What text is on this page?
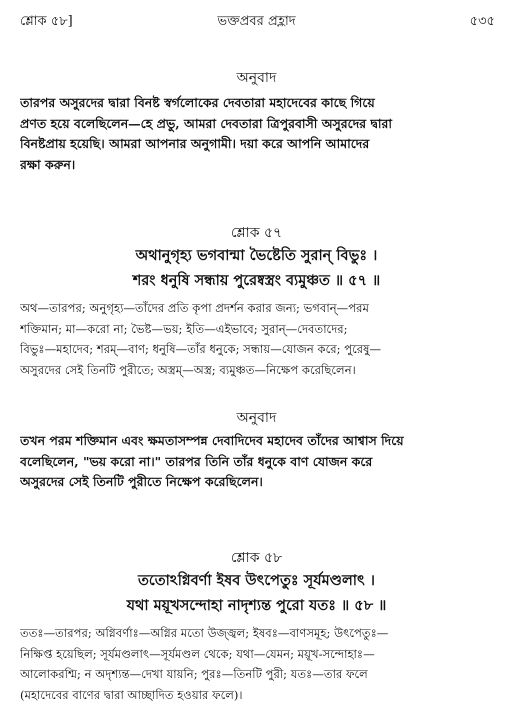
শ্লোক ৫৮]	ভক্তপ্রবর প্রহ্লাদ	৫৩৫
অনুবাদ
তারপর অসুরদের দ্বারা বিনষ্ট স্বর্গলোকের দেবতারা মহাদেবের কাছে গিয়ে
প্রণত হয়ে বলেছিলেন—হে প্রভু, আমরা দেবতারা ত্রিপুরবাসী অসুরদের দ্বারা
বিনষ্টপ্রায় হয়েছি। আমরা আপনার অনুগামী। দয়া করে আপনি আমাদের
রক্ষা করুন।
শ্লোক ৫৭
অথানুগৃহ্য ভগবান্মা ভৈষ্টেতি সুরান্ বিভুঃ ।
শরং ধনুষি সন্ধায় পুরেষ্বস্ত্রং ব্যমুঞ্চত ॥ ৫৭ ॥
অথ—তারপর; অনুগৃহ্য—তাঁদের প্রতি কৃপা প্রদর্শন করার জন্য; ভগবান্—পরম
শক্তিমান; মা—করো না; ভৈষ্ট—ভয়; ইতি—এইভাবে; সুরান্—দেবতাদের;
বিভুঃ—মহাদেব; শরম্—বাণ; ধনুষি—তাঁর ধনুকে; সন্ধায়—যোজন করে; পুরেষু—
অসুরদের সেই তিনটি পুরীতে; অস্ত্রম্—অস্ত্র; ব্যমুঞ্চত—নিক্ষেপ করেছিলেন।
অনুবাদ
তখন পরম শক্তিমান এবং ক্ষমতাসম্পন্ন দেবাদিদেব মহাদেব তাঁদের আশ্বাস দিয়ে
বলেছিলেন, "ভয় করো না।" তারপর তিনি তাঁর ধনুকে বাণ যোজন করে
অসুরদের সেই তিনটি পুরীতে নিক্ষেপ করেছিলেন।
শ্লোক ৫৮
ততোঽগ্নিবর্ণা ইষব উৎপেতুঃ সূর্যমণ্ডলাৎ ।
যথা ময়ূখসন্দোহা নাদৃশ্যন্ত পুরো যতঃ ॥ ৫৮ ॥
ততঃ—তারপর; অগ্নিবর্ণাঃ—অগ্নির মতো উজ্জ্বল; ইষবঃ—বাণসমূহ; উৎপেতুঃ—
নিক্ষিপ্ত হয়েছিল; সূর্যমণ্ডলাৎ—সূর্যমণ্ডল থেকে; যথা—যেমন; ময়ূখ-সন্দোহাঃ—
আলোকরশ্মি; ন অদৃশ্যন্ত—দেখা যায়নি; পুরঃ—তিনটি পুরী; যতঃ—তার ফলে
(মহাদেবের বাণের দ্বারা আচ্ছাদিত হওয়ার ফলে)।
